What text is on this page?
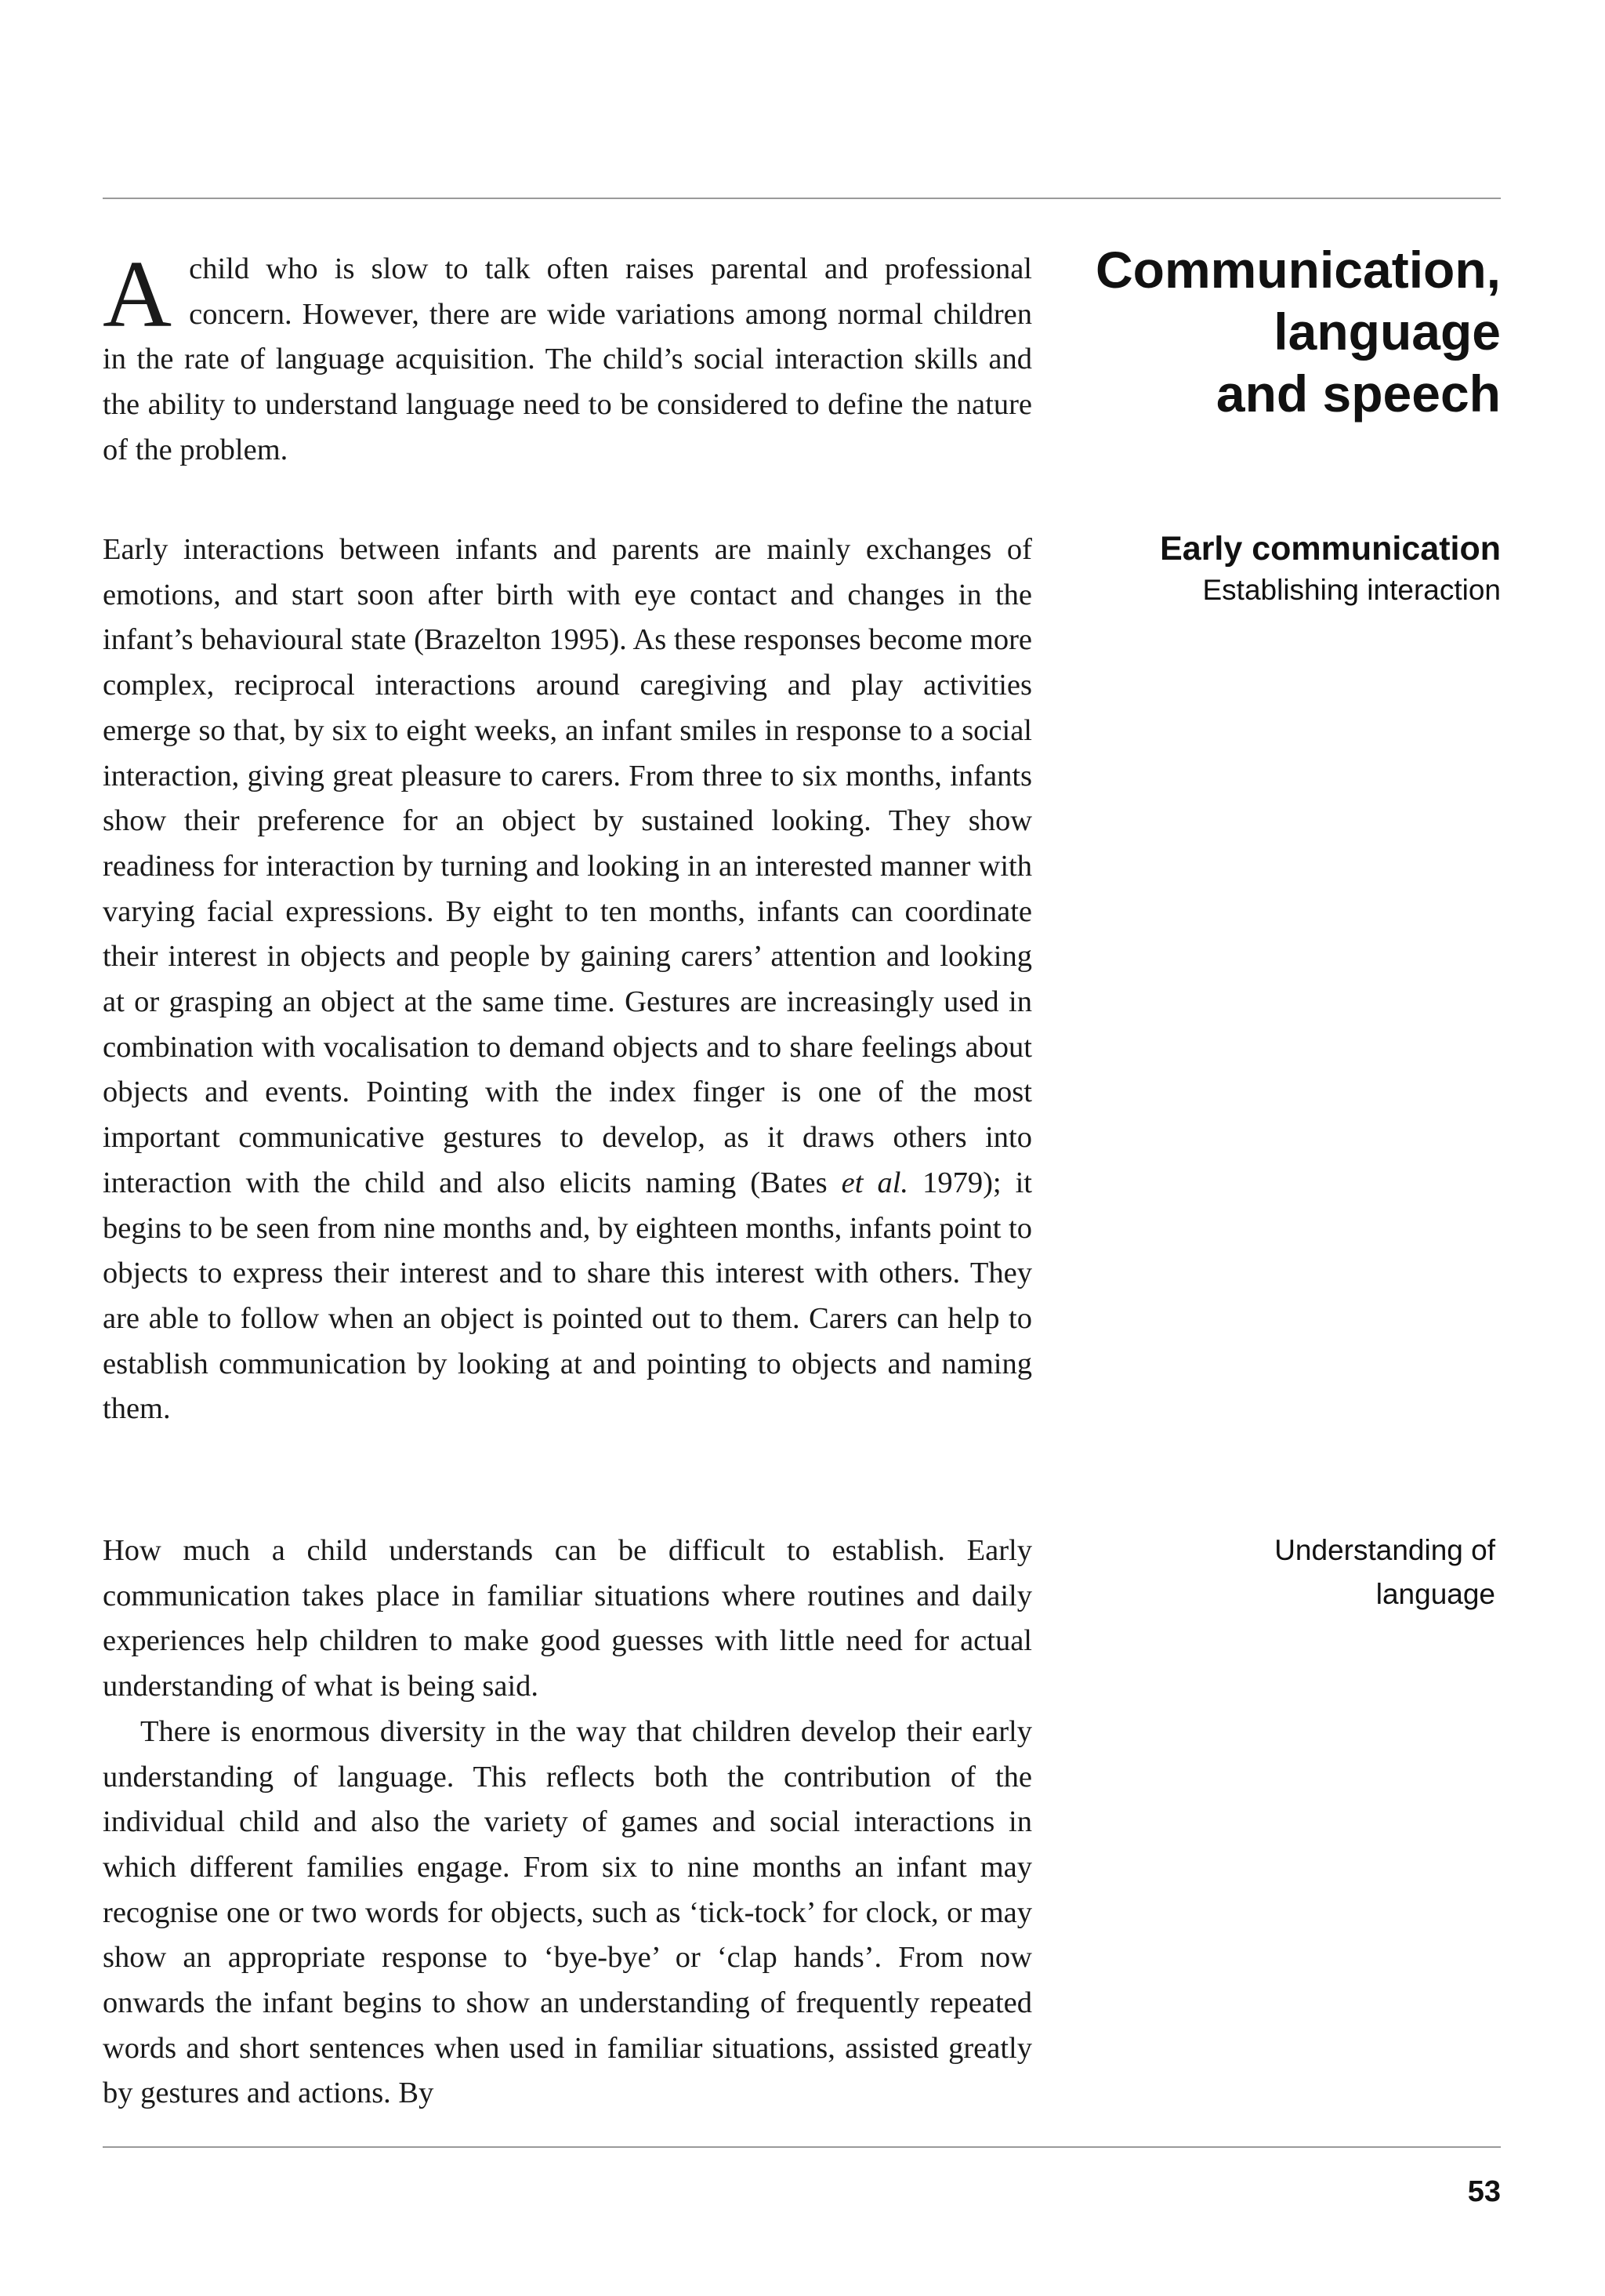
Communication,
language
and speech

Achild who is slow to talk often raises parental and professional concern. However, there are wide variations among normal children in the rate of language acquisition. The child’s social interaction skills and the ability to understand language need to be considered to define the nature of the problem.

Early communication
Establishing interaction

Early interactions between infants and parents are mainly exchanges of emotions, and start soon after birth with eye contact and changes in the infant’s behavioural state (Brazelton 1995). As these responses become more complex, reciprocal interactions around caregiving and play activities emerge so that, by six to eight weeks, an infant smiles in response to a social interaction, giving great pleasure to carers. From three to six months, infants show their preference for an object by sustained looking. They show readiness for interaction by turning and looking in an interested manner with varying facial expressions. By eight to ten months, infants can coordinate their interest in objects and people by gaining carers’ attention and looking at or grasping an object at the same time. Gestures are increasingly used in combination with vocalisation to demand objects and to share feelings about objects and events. Pointing with the index finger is one of the most important communicative gestures to develop, as it draws others into interaction with the child and also elicits naming (Bates et al. 1979); it begins to be seen from nine months and, by eighteen months, infants point to objects to express their interest and to share this interest with others. They are able to follow when an object is pointed out to them. Carers can help to establish communication by looking at and pointing to objects and naming them.

Understanding of
language

How much a child understands can be difficult to establish. Early communication takes place in familiar situations where routines and daily experiences help children to make good guesses with little need for actual understanding of what is being said.

There is enormous diversity in the way that children develop their early understanding of language. This reflects both the contribution of the individual child and also the variety of games and social interactions in which different families engage. From six to nine months an infant may recognise one or two words for objects, such as ‘tick-tock’ for clock, or may show an appropriate response to ‘bye-bye’ or ‘clap hands’. From now onwards the infant begins to show an understanding of frequently repeated words and short sentences when used in familiar situations, assisted greatly by gestures and actions. By

53
